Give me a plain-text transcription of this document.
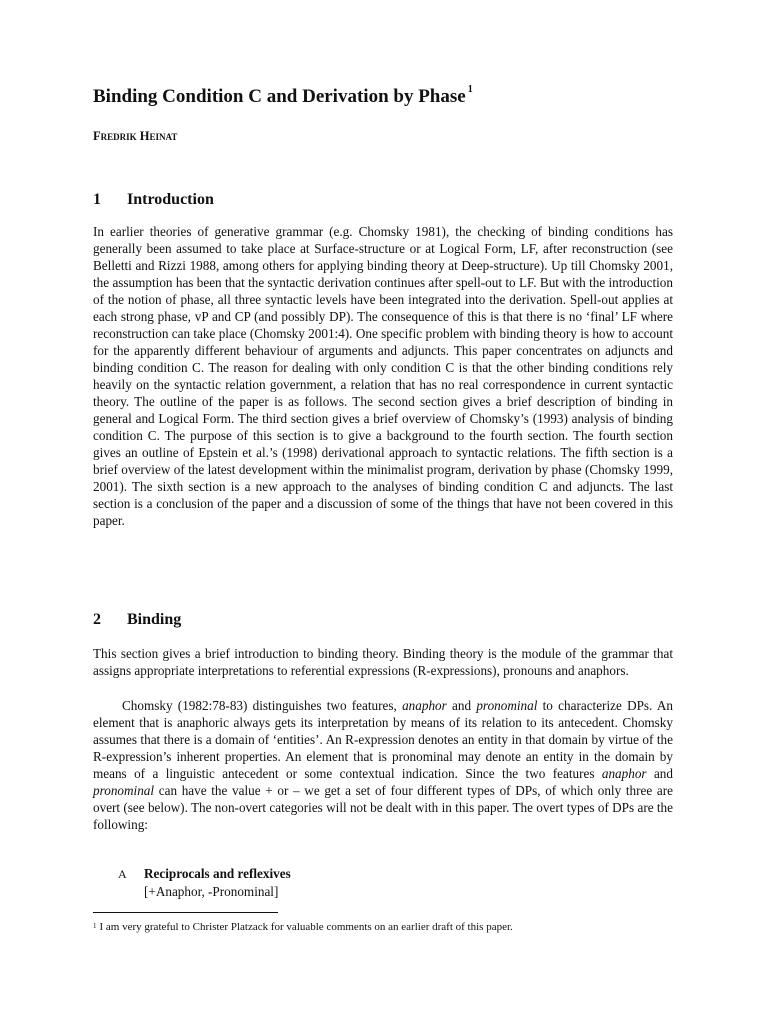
Binding Condition C and Derivation by Phase $^1$

Fredrik Heinat

1 Introduction

In earlier theories of generative grammar (e.g. Chomsky 1981), the checking of binding conditions has generally been assumed to take place at Surface-structure or at Logical Form, LF, after reconstruction (see Belletti and Rizzi 1988, among others for applying binding theory at Deep-structure). Up till Chomsky 2001, the assumption has been that the syntactic derivation continues after spell-out to LF. But with the introduction of the notion of phase, all three syntactic levels have been integrated into the derivation. Spell-out applies at each strong phase, vP and CP (and possibly DP). The consequence of this is that there is no ‘final’ LF where reconstruction can take place (Chomsky 2001:4). One specific problem with binding theory is how to account for the apparently different behaviour of arguments and adjuncts. This paper concentrates on adjuncts and binding condition C. The reason for dealing with only condition C is that the other binding conditions rely heavily on the syntactic relation government, a relation that has no real correspondence in current syntactic theory. The outline of the paper is as follows. The second section gives a brief description of binding in general and Logical Form. The third section gives a brief overview of Chomsky’s (1993) analysis of binding condition C. The purpose of this section is to give a background to the fourth section. The fourth section gives an outline of Epstein et al.’s (1998) derivational approach to syntactic relations. The fifth section is a brief overview of the latest development within the minimalist program, derivation by phase (Chomsky 1999, 2001). The sixth section is a new approach to the analyses of binding condition C and adjuncts. The last section is a conclusion of the paper and a discussion of some of the things that have not been covered in this paper.

2 Binding

This section gives a brief introduction to binding theory. Binding theory is the module of the grammar that assigns appropriate interpretations to referential expressions (R-expressions), pronouns and anaphors.

Chomsky (1982:78-83) distinguishes two features, anaphor and pronominal to characterize DPs. An element that is anaphoric always gets its interpretation by means of its relation to its antecedent. Chomsky assumes that there is a domain of ‘entities’. An R-expression denotes an entity in that domain by virtue of the R-expression’s inherent properties. An element that is pronominal may denote an entity in the domain by means of a linguistic antecedent or some contextual indication. Since the two features anaphor and pronominal can have the value + or – we get a set of four different types of DPs, of which only three are overt (see below). The non-overt categories will not be dealt with in this paper. The overt types of DPs are the following:

A Reciprocals and reflexives
[+Anaphor, -Pronominal]
$^1$ I am very grateful to Christer Platzack for valuable comments on an earlier draft of this paper.
